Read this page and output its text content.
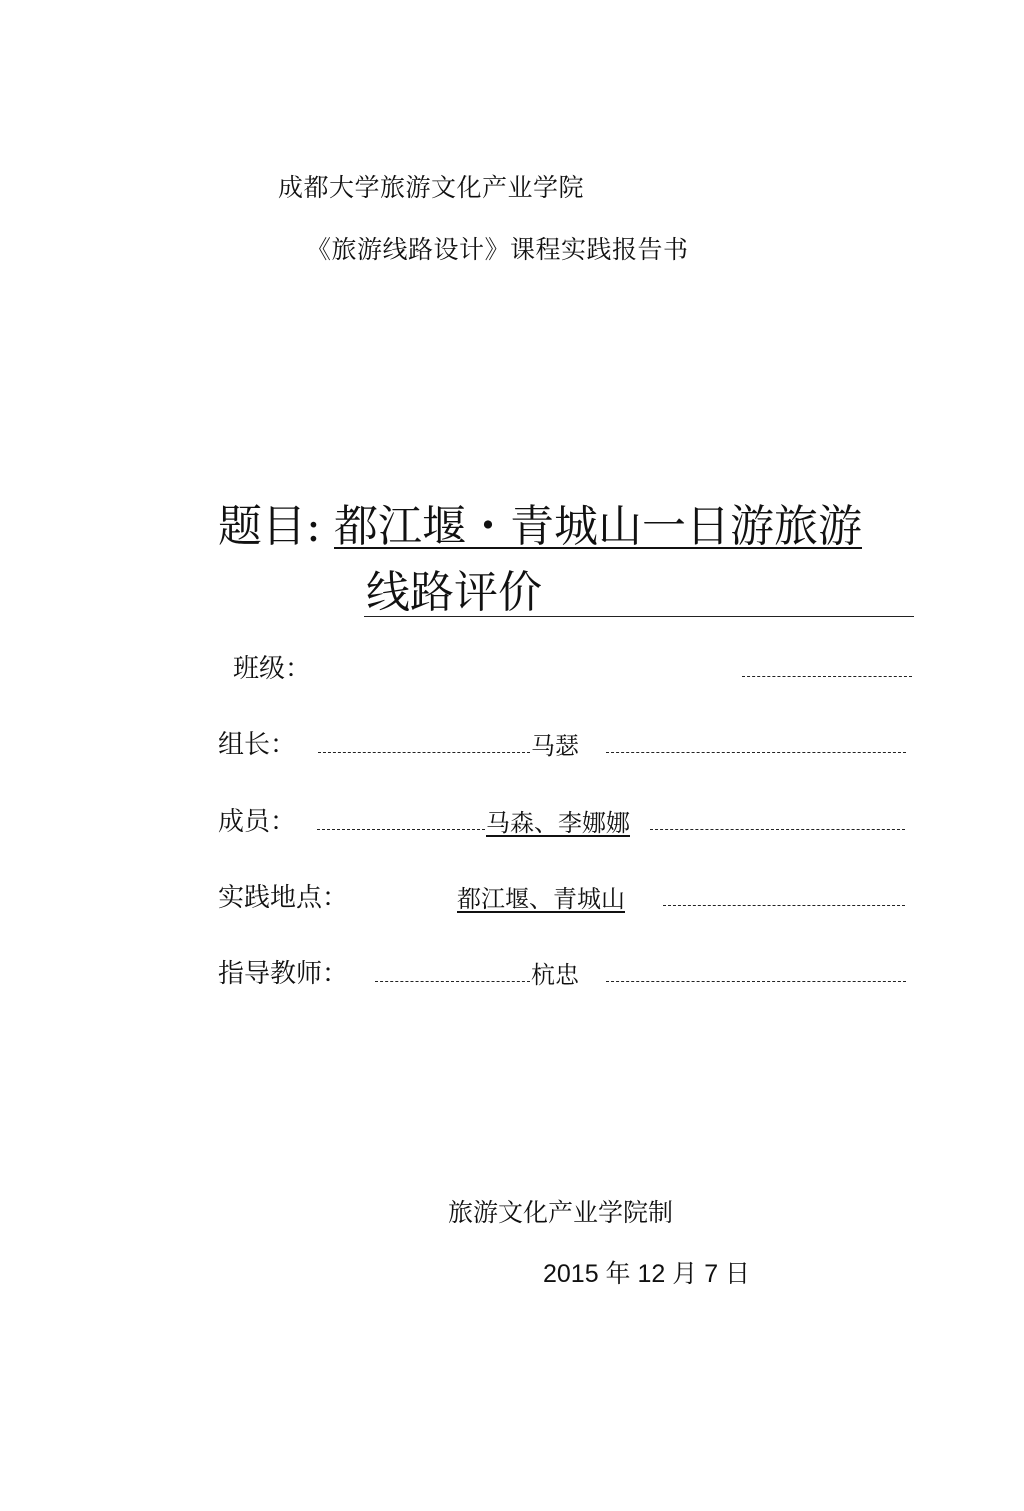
成都大学旅游文化产业学院
《旅游线路设计》课程实践报告书
题目: 都江堰・青城山一日游旅游
线路评价
班级：
组长：	马瑟
成员：	马森、李娜娜
实践地点：	都江堰、青城山
指导教师：	杭忠
旅游文化产业学院制
2015 年 12 月 7 日
